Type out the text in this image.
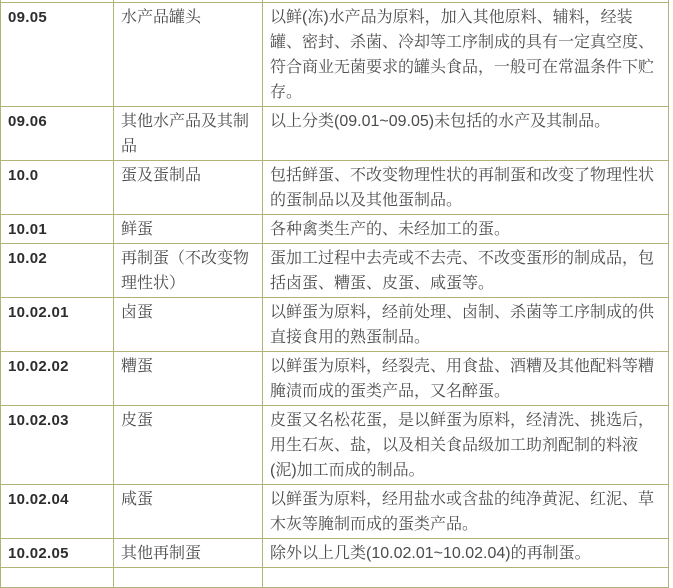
09.05	水产品罐头	以鲜(冻)水产品为原料，加入其他原料、辅料，经装罐、密封、杀菌、冷却等工序制成的具有一定真空度、符合商业无菌要求的罐头食品，一般可在常温条件下贮存。
09.06	其他水产品及其制品	以上分类(09.01~09.05)未包括的水产及其制品。
10.0	蛋及蛋制品	包括鲜蛋、不改变物理性状的再制蛋和改变了物理性状的蛋制品以及其他蛋制品。
10.01	鲜蛋	各种禽类生产的、未经加工的蛋。
10.02	再制蛋（不改变物理性状）	蛋加工过程中去壳或不去壳、不改变蛋形的制成品，包括卤蛋、糟蛋、皮蛋、咸蛋等。
10.02.01	卤蛋	以鲜蛋为原料，经前处理、卤制、杀菌等工序制成的供直接食用的熟蛋制品。
10.02.02	糟蛋	以鲜蛋为原料，经裂壳、用食盐、酒糟及其他配料等糟腌渍而成的蛋类产品，又名醉蛋。
10.02.03	皮蛋	皮蛋又名松花蛋，是以鲜蛋为原料，经清洗、挑选后，用生石灰、盐，以及相关食品级加工助剂配制的料液(泥)加工而成的制品。
10.02.04	咸蛋	以鲜蛋为原料，经用盐水或含盐的纯净黄泥、红泥、草木灰等腌制而成的蛋类产品。
10.02.05	其他再制蛋	除外以上几类(10.02.01~10.02.04)的再制蛋。
